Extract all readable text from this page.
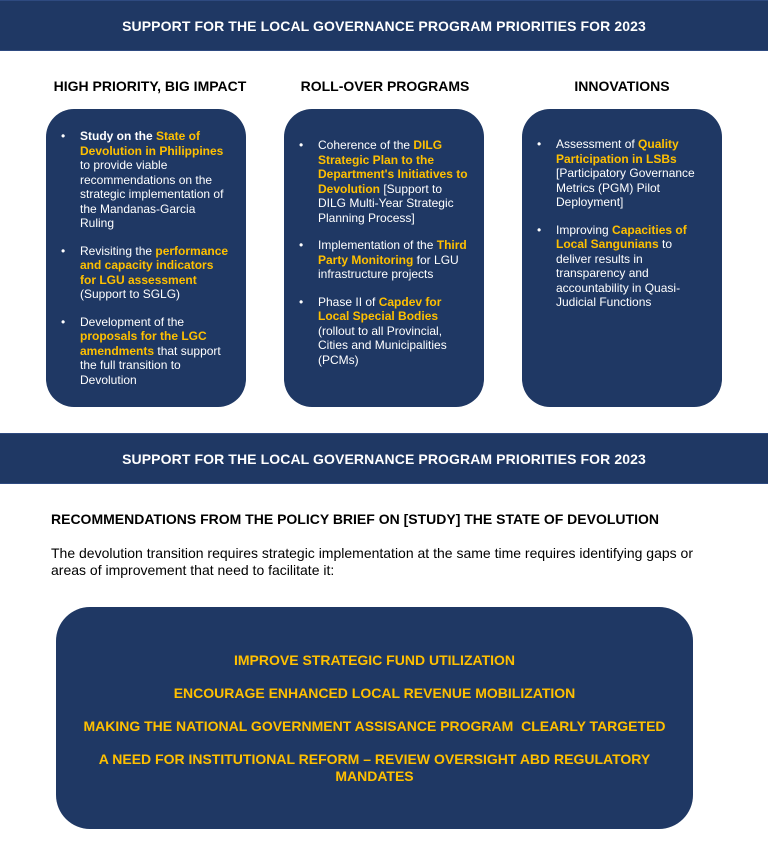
SUPPORT FOR THE LOCAL GOVERNANCE PROGRAM PRIORITIES FOR 2023
HIGH PRIORITY, BIG IMPACT
• Study on the State of Devolution in Philippines to provide viable recommendations on the strategic implementation of the Mandanas-Garcia Ruling
• Revisiting the performance and capacity indicators for LGU assessment (Support to SGLG)
• Development of the proposals for the LGC amendments that support the full transition to Devolution
ROLL-OVER PROGRAMS
• Coherence of the DILG Strategic Plan to the Department's Initiatives to Devolution [Support to DILG Multi-Year Strategic Planning Process]
• Implementation of the Third Party Monitoring for LGU infrastructure projects
• Phase II of Capdev for Local Special Bodies (rollout to all Provincial, Cities and Municipalities (PCMs)
INNOVATIONS
• Assessment of Quality Participation in LSBs [Participatory Governance Metrics (PGM) Pilot Deployment]
• Improving Capacities of Local Sangunians to deliver results in transparency and accountability in Quasi-Judicial Functions
SUPPORT FOR THE LOCAL GOVERNANCE PROGRAM PRIORITIES FOR 2023
RECOMMENDATIONS FROM THE POLICY BRIEF ON [STUDY] THE STATE OF DEVOLUTION
The devolution transition requires strategic implementation at the same time requires identifying gaps or areas of improvement that need to facilitate it:
IMPROVE STRATEGIC FUND UTILIZATION
ENCOURAGE ENHANCED LOCAL REVENUE MOBILIZATION
MAKING THE NATIONAL GOVERNMENT ASSISANCE PROGRAM  CLEARLY TARGETED
A NEED FOR INSTITUTIONAL REFORM – REVIEW OVERSIGHT ABD REGULATORY MANDATES
